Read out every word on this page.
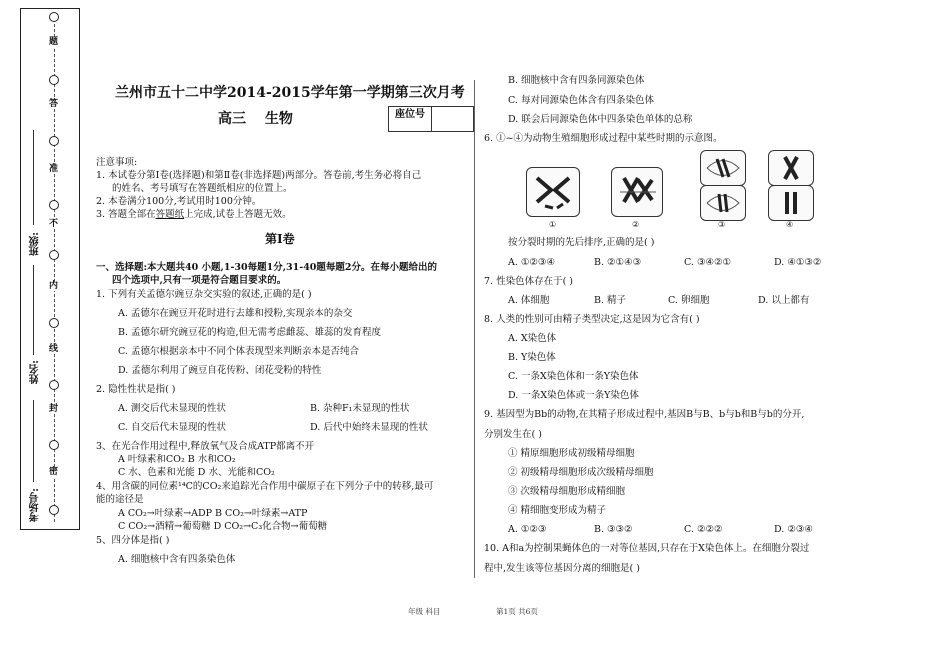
题
答
准
不
内
线
封
密
班级:
姓名:
考场号:
兰州市五十二中学2014-2015学年第一学期第三次月考
高三 生物	座位号
注意事项:
1. 本试卷分第Ⅰ卷(选择题)和第Ⅱ卷(非选择题)两部分。答卷前,考生务必将自己
的姓名、考号填写在答题纸相应的位置上。
2. 本卷满分100分,考试用时100分钟。
3. 答题全部在答题纸上完成,试卷上答题无效。
第Ⅰ卷
一、选择题:本大题共40 小题,1-30每题1分,31-40题每题2分。在每小题给出的
四个选项中,只有一项是符合题目要求的。
1. 下列有关孟德尔豌豆杂交实验的叙述,正确的是( )
A. 孟德尔在豌豆开花时进行去雄和授粉,实现亲本的杂交
B. 孟德尔研究豌豆花的构造,但无需考虑雌蕊、雄蕊的发育程度
C. 孟德尔根据亲本中不同个体表现型来判断亲本是否纯合
D. 孟德尔利用了豌豆自花传粉、闭花受粉的特性
2. 隐性性状是指( )
A. 测交后代未显现的性状	B. 杂种F₁未显现的性状
C. 自交后代未显现的性状	D. 后代中始终未显现的性状
3、在光合作用过程中,释放氧气及合成ATP都离不开
A 叶绿素和CO₂ B 水和CO₂
C 水、色素和光能 D 水、光能和CO₂
4、用含碳的同位素¹⁴C的CO₂来追踪光合作用中碳原子在下列分子中的转移,最可
能的途径是
A CO₂→叶绿素→ADP B CO₂→叶绿素→ATP
C CO₂→酒精→葡萄糖 D CO₂→C₃化合物→葡萄糖
5、四分体是指( )
A. 细胞核中含有四条染色体
B. 细胞核中含有四条同源染色体
C. 每对同源染色体含有四条染色体
D. 联会后同源染色体中四条染色单体的总称
6. ①~④为动物生殖细胞形成过程中某些时期的示意图。
①	②	③	④
按分裂时期的先后排序,正确的是( )
A. ①②③④	B. ②①④③	C. ③④②①	D. ④①③②
7. 性染色体存在于( )
A. 体细胞	B. 精子	C. 卵细胞	D. 以上都有
8. 人类的性别可由精子类型决定,这是因为它含有( )
A. X染色体
B. Y染色体
C. 一条X染色体和一条Y染色体
D. 一条X染色体或一条Y染色体
9. 基因型为Bb的动物,在其精子形成过程中,基因B与B、b与b和B与b的分开,
分别发生在( )
① 精原细胞形成初级精母细胞
② 初级精母细胞形成次级精母细胞
③ 次级精母细胞形成精细胞
④ 精细胞变形成为精子
A. ①②③	B. ③③②	C. ②②②	D. ②③④
10. A和a为控制果蝇体色的一对等位基因,只存在于X染色体上。在细胞分裂过
程中,发生该等位基因分离的细胞是( )
年级 科目	第1页 共6页
